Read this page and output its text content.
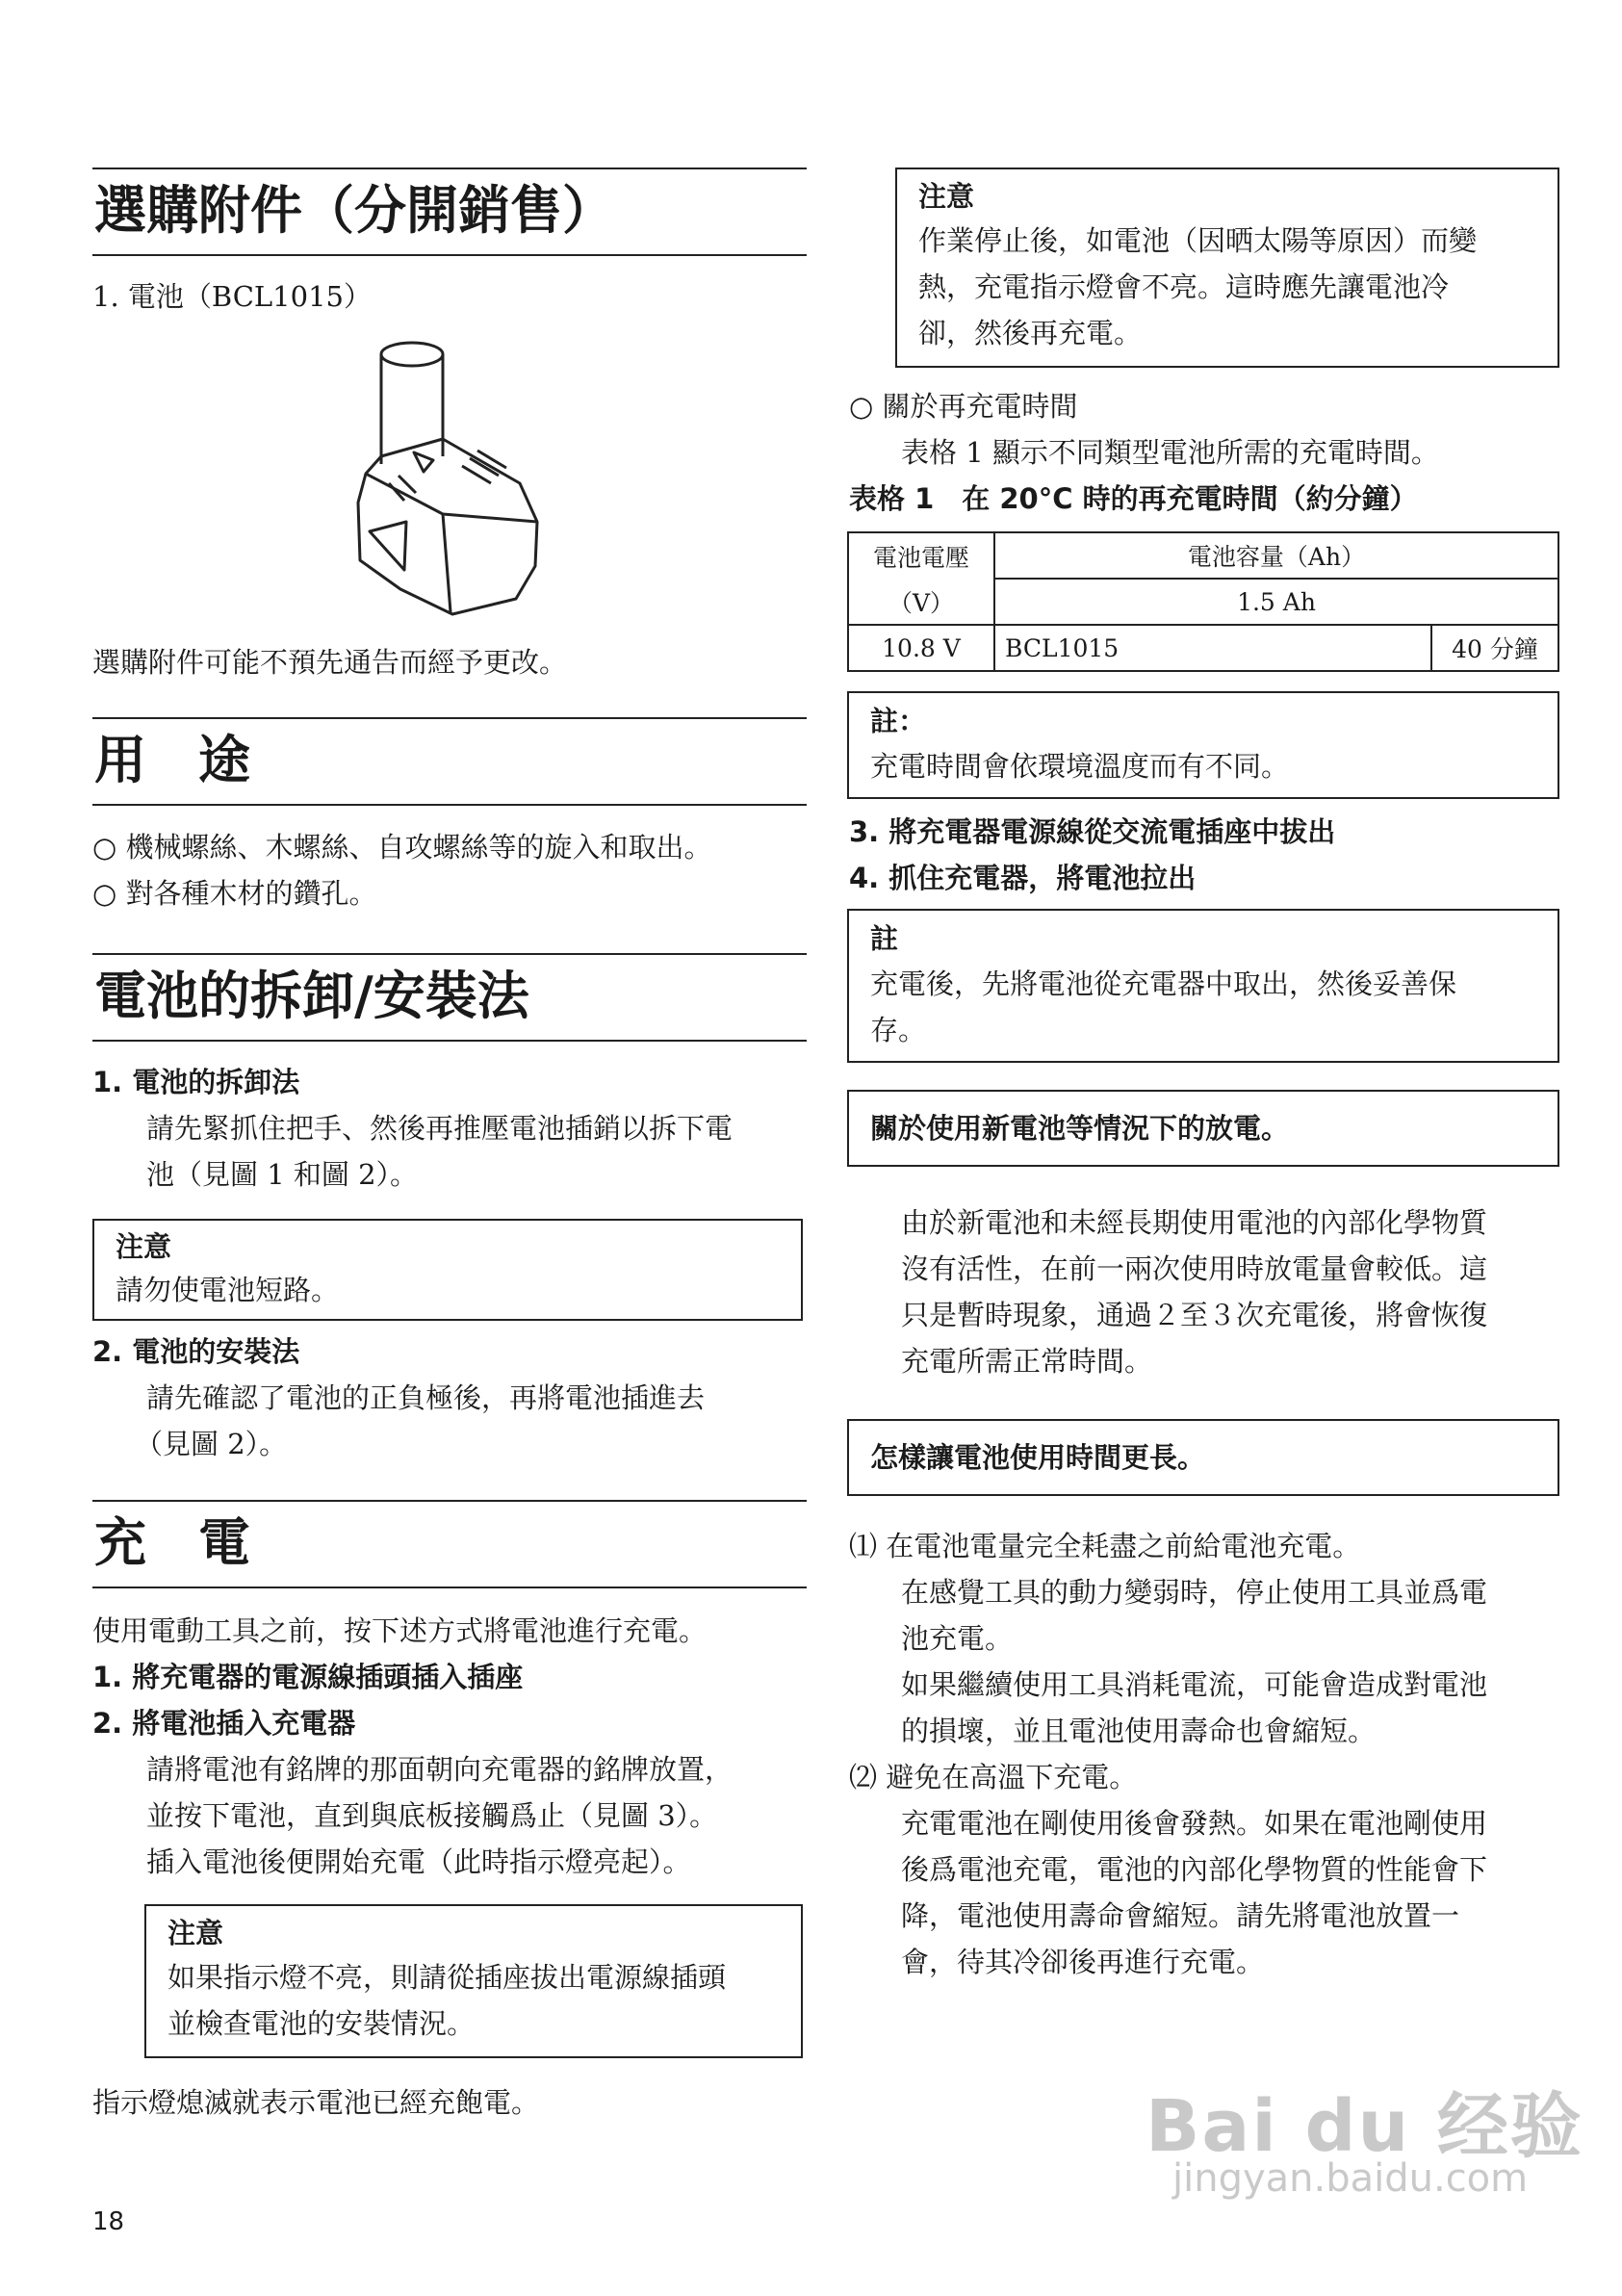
選購附件（分開銷售）
1. 電池（BCL1015）
選購附件可能不預先通告而經予更改。
用　途
○ 機械螺絲、木螺絲、自攻螺絲等的旋入和取出。
○ 對各種木材的鑽孔。
電池的拆卸/安裝法
1. 電池的拆卸法
請先緊抓住把手、然後再推壓電池插銷以拆下電
池（見圖 1 和圖 2）。
注意
請勿使電池短路。
2. 電池的安裝法
請先確認了電池的正負極後，再將電池插進去
（見圖 2）。
充　電
使用電動工具之前，按下述方式將電池進行充電。
1. 將充電器的電源線插頭插入插座
2. 將電池插入充電器
請將電池有銘牌的那面朝向充電器的銘牌放置，
並按下電池，直到與底板接觸爲止（見圖 3）。
插入電池後便開始充電（此時指示燈亮起）。
注意
如果指示燈不亮，則請從插座拔出電源線插頭
並檢查電池的安裝情況。
指示燈熄滅就表示電池已經充飽電。
注意
作業停止後，如電池（因晒太陽等原因）而變
熱，充電指示燈會不亮。這時應先讓電池冷
卻，然後再充電。
○ 關於再充電時間
表格 1 顯示不同類型電池所需的充電時間。
表格 1　在 20°C 時的再充電時間（約分鐘）
電池電壓	電池容量（Ah）	
（V）	1.5 Ah	
10.8 V	BCL1015	40 分鐘
註：
充電時間會依環境溫度而有不同。
3. 將充電器電源線從交流電插座中拔出
4. 抓住充電器，將電池拉出
註
充電後，先將電池從充電器中取出，然後妥善保
存。
關於使用新電池等情況下的放電。
由於新電池和未經長期使用電池的內部化學物質
沒有活性，在前一兩次使用時放電量會較低。這
只是暫時現象，通過２至３次充電後，將會恢復
充電所需正常時間。
怎樣讓電池使用時間更長。
⑴ 在電池電量完全耗盡之前給電池充電。
在感覺工具的動力變弱時，停止使用工具並爲電
池充電。
如果繼續使用工具消耗電流，可能會造成對電池
的損壞，並且電池使用壽命也會縮短。
⑵ 避免在高溫下充電。
充電電池在剛使用後會發熱。如果在電池剛使用
後爲電池充電，電池的內部化學物質的性能會下
降，電池使用壽命會縮短。請先將電池放置一
會，待其冷卻後再進行充電。
18
Bai du 经验
jingyan.baidu.com
